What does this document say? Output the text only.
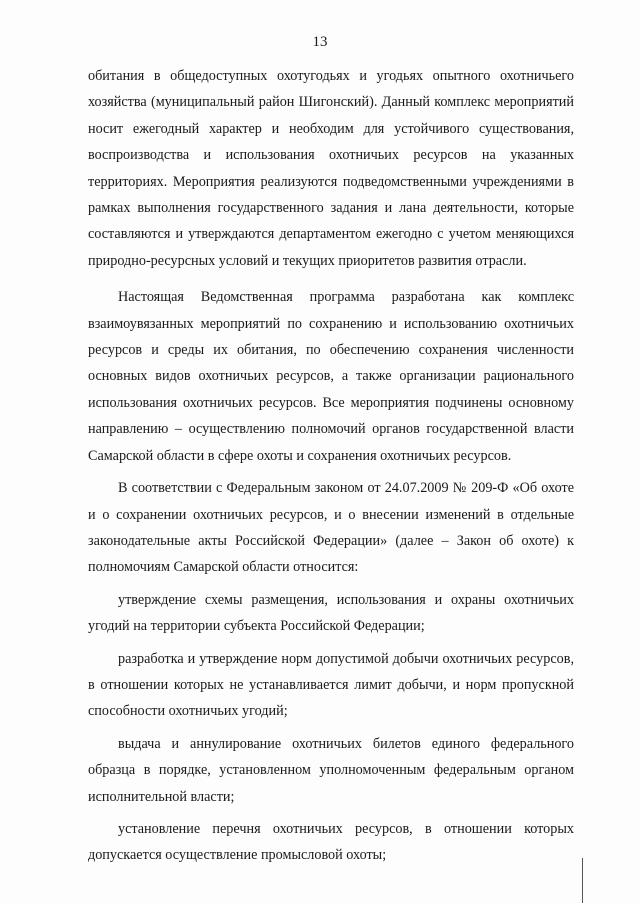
13

обитания в общедоступных охотугодьях и угодьях опытного охотничьего хозяйства (муниципальный район Шигонский). Данный комплекс мероприятий носит ежегодный характер и необходим для устойчивого существования, воспроизводства и использования охотничьих ресурсов на указанных территориях. Мероприятия реализуются подведомственными учреждениями в рамках выполнения государственного задания и лана деятельности, которые составляются и утверждаются департаментом ежегодно с учетом меняющихся природно-ресурсных условий и текущих приоритетов развития отрасли.

Настоящая Ведомственная программа разработана как комплекс взаимоувязанных мероприятий по сохранению и использованию охотничьих ресурсов и среды их обитания, по обеспечению сохранения численности основных видов охотничьих ресурсов, а также организации рационального использования охотничьих ресурсов. Все мероприятия подчинены основному направлению – осуществлению полномочий органов государственной власти Самарской области в сфере охоты и сохранения охотничьих ресурсов.

В соответствии с Федеральным законом от 24.07.2009 № 209-Ф «Об охоте и о сохранении охотничьих ресурсов, и о внесении изменений в отдельные законодательные акты Российской Федерации» (далее – Закон об охоте) к полномочиям Самарской области относится:

утверждение схемы размещения, использования и охраны охотничьих угодий на территории субъекта Российской Федерации;

разработка и утверждение норм допустимой добычи охотничьих ресурсов, в отношении которых не устанавливается лимит добычи, и норм пропускной способности охотничьих угодий;

выдача и аннулирование охотничьих билетов единого федерального образца в порядке, установленном уполномоченным федеральным органом исполнительной власти;

установление перечня охотничьих ресурсов, в отношении которых допускается осуществление промысловой охоты;
